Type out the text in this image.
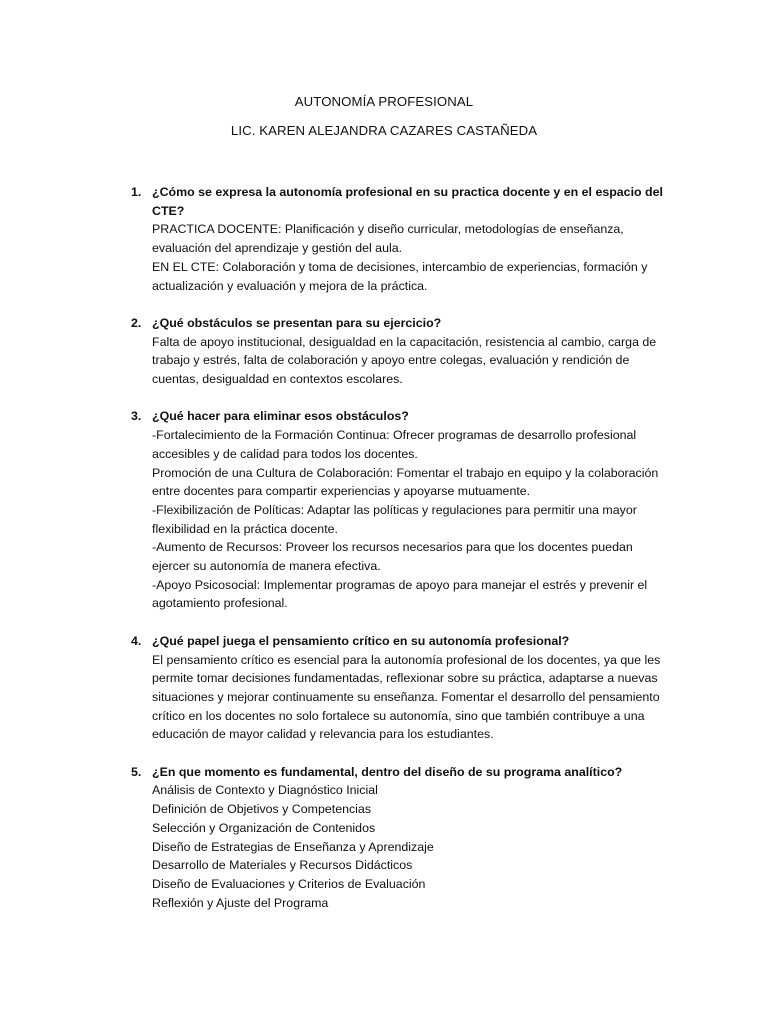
AUTONOMÍA PROFESIONAL
LIC. KAREN ALEJANDRA CAZARES CASTAÑEDA
1. ¿Cómo se expresa la autonomía profesional en su practica docente y en el espacio del CTE?

PRACTICA DOCENTE: Planificación y diseño curricular, metodologías de enseñanza, evaluación del aprendizaje y gestión del aula.

EN EL CTE: Colaboración y toma de decisiones, intercambio de experiencias, formación y actualización y evaluación y mejora de la práctica.

2. ¿Qué obstáculos se presentan para su ejercicio?

Falta de apoyo institucional, desigualdad en la capacitación, resistencia al cambio, carga de trabajo y estrés, falta de colaboración y apoyo entre colegas, evaluación y rendición de cuentas, desigualdad en contextos escolares.

3. ¿Qué hacer para eliminar esos obstáculos?

-Fortalecimiento de la Formación Continua: Ofrecer programas de desarrollo profesional accesibles y de calidad para todos los docentes.

Promoción de una Cultura de Colaboración: Fomentar el trabajo en equipo y la colaboración entre docentes para compartir experiencias y apoyarse mutuamente.

-Flexibilización de Políticas: Adaptar las políticas y regulaciones para permitir una mayor flexibilidad en la práctica docente.

-Aumento de Recursos: Proveer los recursos necesarios para que los docentes puedan ejercer su autonomía de manera efectiva.

-Apoyo Psicosocial: Implementar programas de apoyo para manejar el estrés y prevenir el agotamiento profesional.

4. ¿Qué papel juega el pensamiento crítico en su autonomía profesional?

El pensamiento crítico es esencial para la autonomía profesional de los docentes, ya que les permite tomar decisiones fundamentadas, reflexionar sobre su práctica, adaptarse a nuevas situaciones y mejorar continuamente su enseñanza. Fomentar el desarrollo del pensamiento crítico en los docentes no solo fortalece su autonomía, sino que también contribuye a una educación de mayor calidad y relevancia para los estudiantes.

5. ¿En que momento es fundamental, dentro del diseño de su programa analítico?

Análisis de Contexto y Diagnóstico Inicial

Definición de Objetivos y Competencias

Selección y Organización de Contenidos

Diseño de Estrategias de Enseñanza y Aprendizaje

Desarrollo de Materiales y Recursos Didácticos

Diseño de Evaluaciones y Criterios de Evaluación

Reflexión y Ajuste del Programa
